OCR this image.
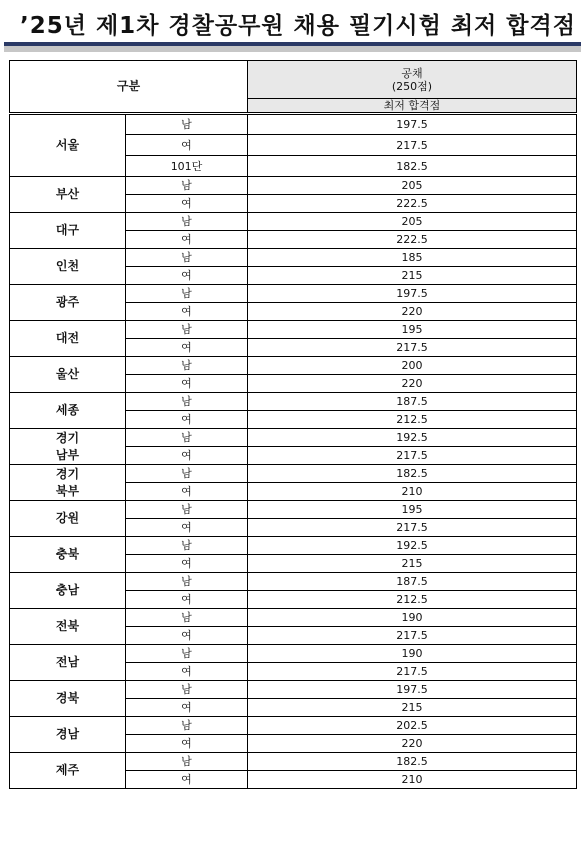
’25년 제1차 경찰공무원 채용 필기시험 최저 합격점
구분		공채
(250점)

		최저 합격점
서울	남	197.5
	여	217.5
	101단	182.5
부산	남	205
	여	222.5
대구	남	205
	여	222.5
인천	남	185
	여	215
광주	남	197.5
	여	220
대전	남	195
	여	217.5
울산	남	200
	여	220
세종	남	187.5
	여	212.5
경기 남부	남	192.5
	여	217.5
경기 북부	남	182.5
	여	210
강원	남	195
	여	217.5
충북	남	192.5
	여	215
충남	남	187.5
	여	212.5
전북	남	190
	여	217.5
전남	남	190
	여	217.5
경북	남	197.5
	여	215
경남	남	202.5
	여	220
제주	남	182.5
	여	210
